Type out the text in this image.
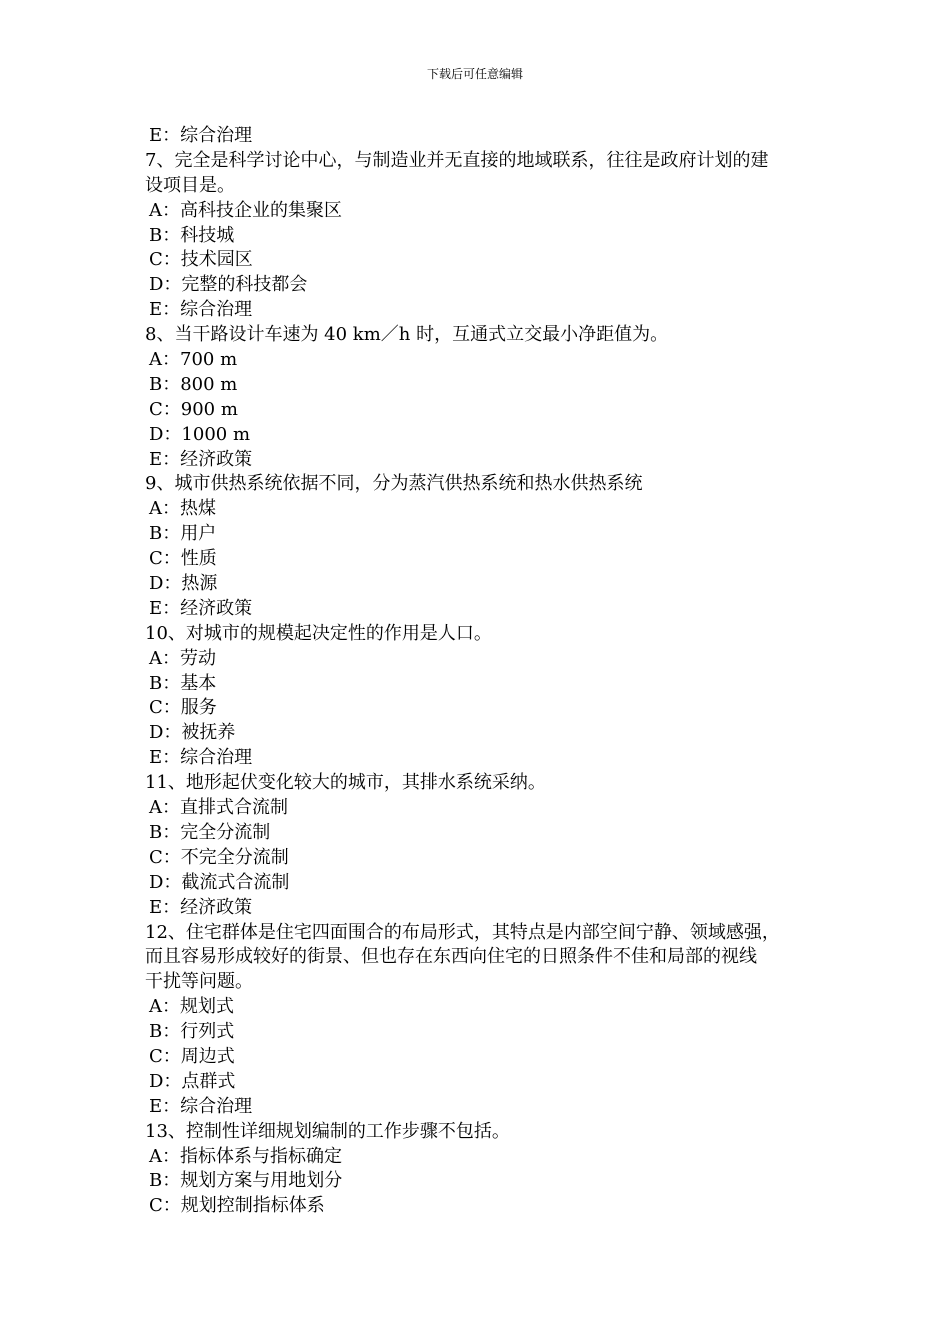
下载后可任意编辑
E：综合治理
7、完全是科学讨论中心，与制造业并无直接的地域联系，往往是政府计划的建
设项目是。
A：高科技企业的集聚区
B：科技城
C：技术园区
D：完整的科技都会
E：综合治理
8、当干路设计车速为 40 km／h 时，互通式立交最小净距值为。
A：700 m
B：800 m
C：900 m
D：1000 m
E：经济政策
9、城市供热系统依据不同，分为蒸汽供热系统和热水供热系统
A：热煤
B：用户
C：性质
D：热源
E：经济政策
10、对城市的规模起决定性的作用是人口。
A：劳动
B：基本
C：服务
D：被抚养
E：综合治理
11、地形起伏变化较大的城市，其排水系统采纳。
A：直排式合流制
B：完全分流制
C：不完全分流制
D：截流式合流制
E：经济政策
12、住宅群体是住宅四面围合的布局形式，其特点是内部空间宁静、领域感强，
而且容易形成较好的街景、但也存在东西向住宅的日照条件不佳和局部的视线
干扰等问题。
A：规划式
B：行列式
C：周边式
D：点群式
E：综合治理
13、控制性详细规划编制的工作步骤不包括。
A：指标体系与指标确定
B：规划方案与用地划分
C：规划控制指标体系
